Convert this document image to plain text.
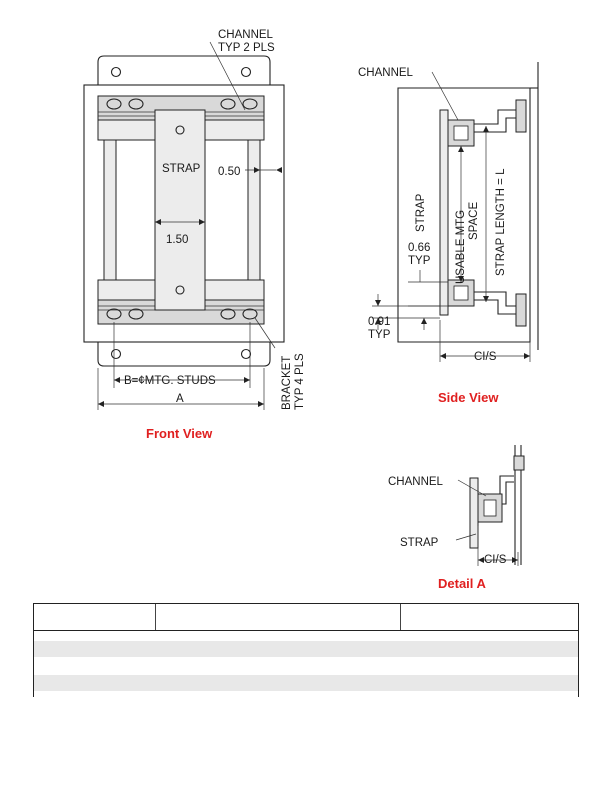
CHANNEL
TYP 2 PLS
STRAP 0.50
1.50
BRACKET TYP 4 PLS
B=¢MTG. STUDS
A
Front View
CHANNEL
STRAP USABLE MTG SPACE STRAP LENGTH = L
0.66
TYP
0.91
TYP
CI/S
Side View
CHANNEL
STRAP
CI/S
Detail A
